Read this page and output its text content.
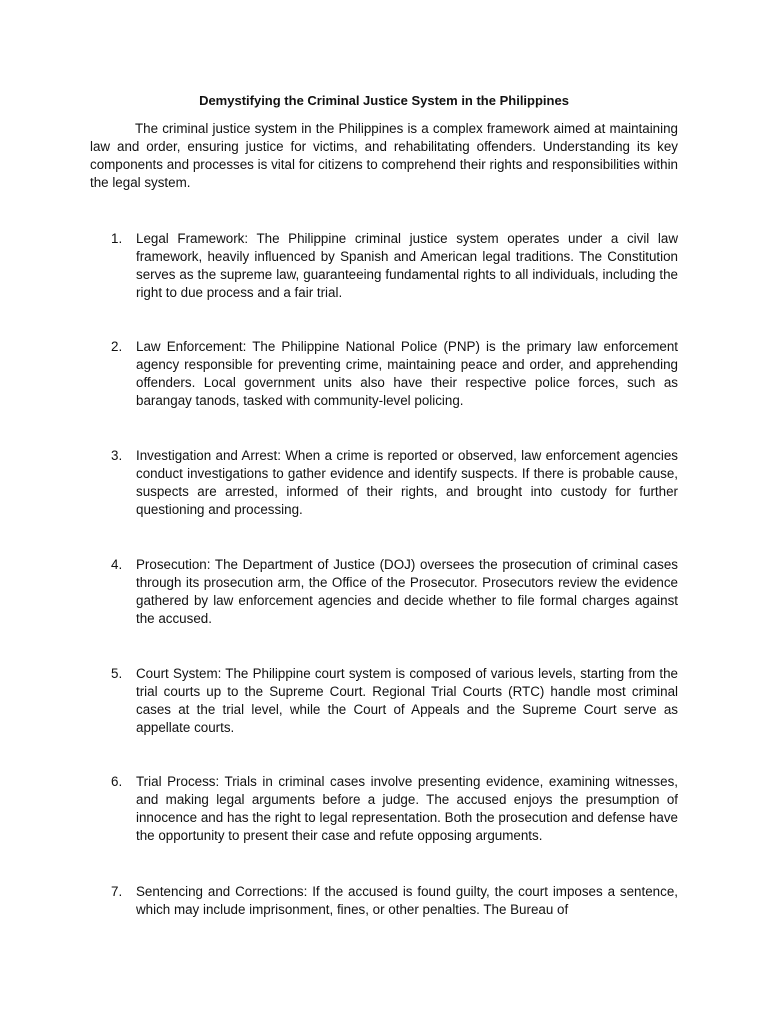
Demystifying the Criminal Justice System in the Philippines

The criminal justice system in the Philippines is a complex framework aimed at maintaining law and order, ensuring justice for victims, and rehabilitating offenders. Understanding its key components and processes is vital for citizens to comprehend their rights and responsibilities within the legal system.

1. Legal Framework: The Philippine criminal justice system operates under a civil law framework, heavily influenced by Spanish and American legal traditions. The Constitution serves as the supreme law, guaranteeing fundamental rights to all individuals, including the right to due process and a fair trial.

2. Law Enforcement: The Philippine National Police (PNP) is the primary law enforcement agency responsible for preventing crime, maintaining peace and order, and apprehending offenders. Local government units also have their respective police forces, such as barangay tanods, tasked with community-level policing.

3. Investigation and Arrest: When a crime is reported or observed, law enforcement agencies conduct investigations to gather evidence and identify suspects. If there is probable cause, suspects are arrested, informed of their rights, and brought into custody for further questioning and processing.

4. Prosecution: The Department of Justice (DOJ) oversees the prosecution of criminal cases through its prosecution arm, the Office of the Prosecutor. Prosecutors review the evidence gathered by law enforcement agencies and decide whether to file formal charges against the accused.

5. Court System: The Philippine court system is composed of various levels, starting from the trial courts up to the Supreme Court. Regional Trial Courts (RTC) handle most criminal cases at the trial level, while the Court of Appeals and the Supreme Court serve as appellate courts.

6. Trial Process: Trials in criminal cases involve presenting evidence, examining witnesses, and making legal arguments before a judge. The accused enjoys the presumption of innocence and has the right to legal representation. Both the prosecution and defense have the opportunity to present their case and refute opposing arguments.

7. Sentencing and Corrections: If the accused is found guilty, the court imposes a sentence, which may include imprisonment, fines, or other penalties. The Bureau of
